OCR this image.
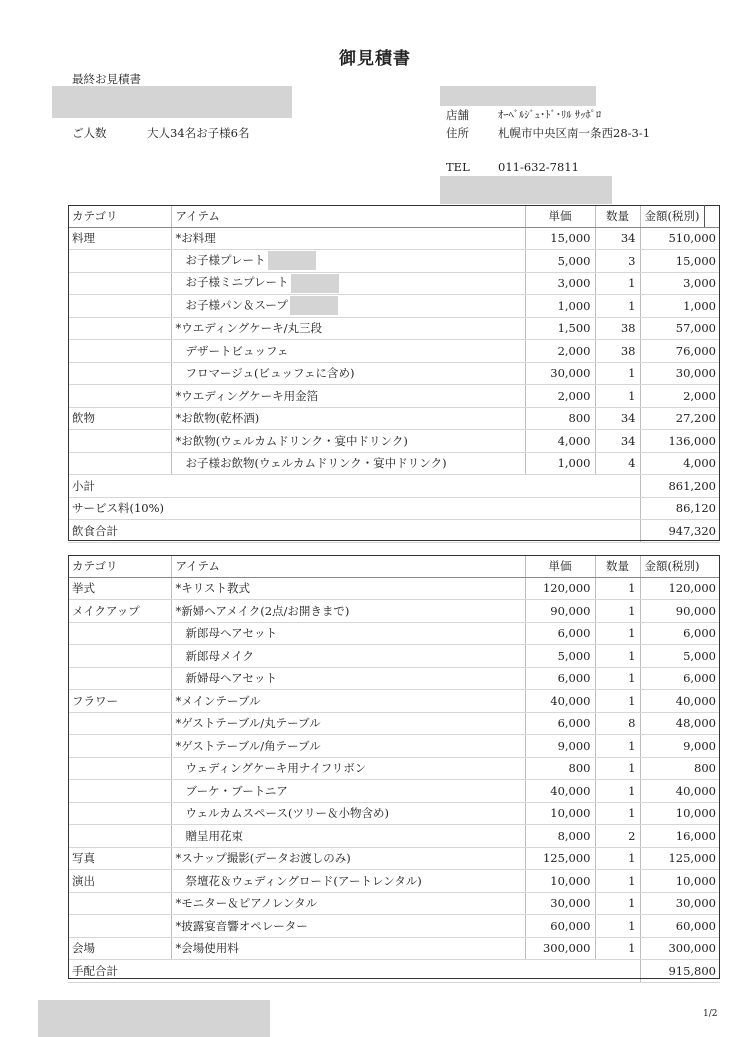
御見積書
最終お見積書
ご人数	大人34名お子様6名
店舗	ｵｰﾍﾞﾙｼﾞｭ･ﾄﾞ･ﾘﾙ ｻｯﾎﾟﾛ
住所	札幌市中央区南一条西28-3-1
TEL 011-632-7811
カテゴリ	アイテム	単価	数量	金額(税別)
料理	*お料理	15,000	34	510,000
	お子様プレート	5,000	3	15,000
	お子様ミニプレート	3,000	1	3,000
	お子様パン＆スープ	1,000	1	1,000
	*ウエディングケーキ/丸三段	1,500	38	57,000
	デザートビュッフェ	2,000	38	76,000
	フロマージュ(ビュッフェに含め)	30,000	1	30,000
	*ウエディングケーキ用金箔	2,000	1	2,000
飲物	*お飲物(乾杯酒)	800	34	27,200
	*お飲物(ウェルカムドリンク・宴中ドリンク)	4,000	34	136,000
	お子様お飲物(ウェルカムドリンク・宴中ドリンク)	1,000	4	4,000
小計				861,200
サービス料(10%)				86,120
飲食合計				947,320
カテゴリ	アイテム	単価	数量	金額(税別)
挙式	*キリスト教式	120,000	1	120,000
メイクアップ	*新婦ヘアメイク(2点/お開きまで)	90,000	1	90,000
	新郎母ヘアセット	6,000	1	6,000
	新郎母メイク	5,000	1	5,000
	新婦母ヘアセット	6,000	1	6,000
フラワー	*メインテーブル	40,000	1	40,000
	*ゲストテーブル/丸テーブル	6,000	8	48,000
	*ゲストテーブル/角テーブル	9,000	1	9,000
	ウェディングケーキ用ナイフリボン	800	1	800
	ブーケ・ブートニア	40,000	1	40,000
	ウェルカムスペース(ツリー＆小物含め)	10,000	1	10,000
	贈呈用花束	8,000	2	16,000
写真	*スナップ撮影(データお渡しのみ)	125,000	1	125,000
演出	祭壇花＆ウェディングロード(アートレンタル)	10,000	1	10,000
	*モニター＆ピアノレンタル	30,000	1	30,000
	*披露宴音響オペレーター	60,000	1	60,000
会場	*会場使用料	300,000	1	300,000
手配合計				915,800
1/2
